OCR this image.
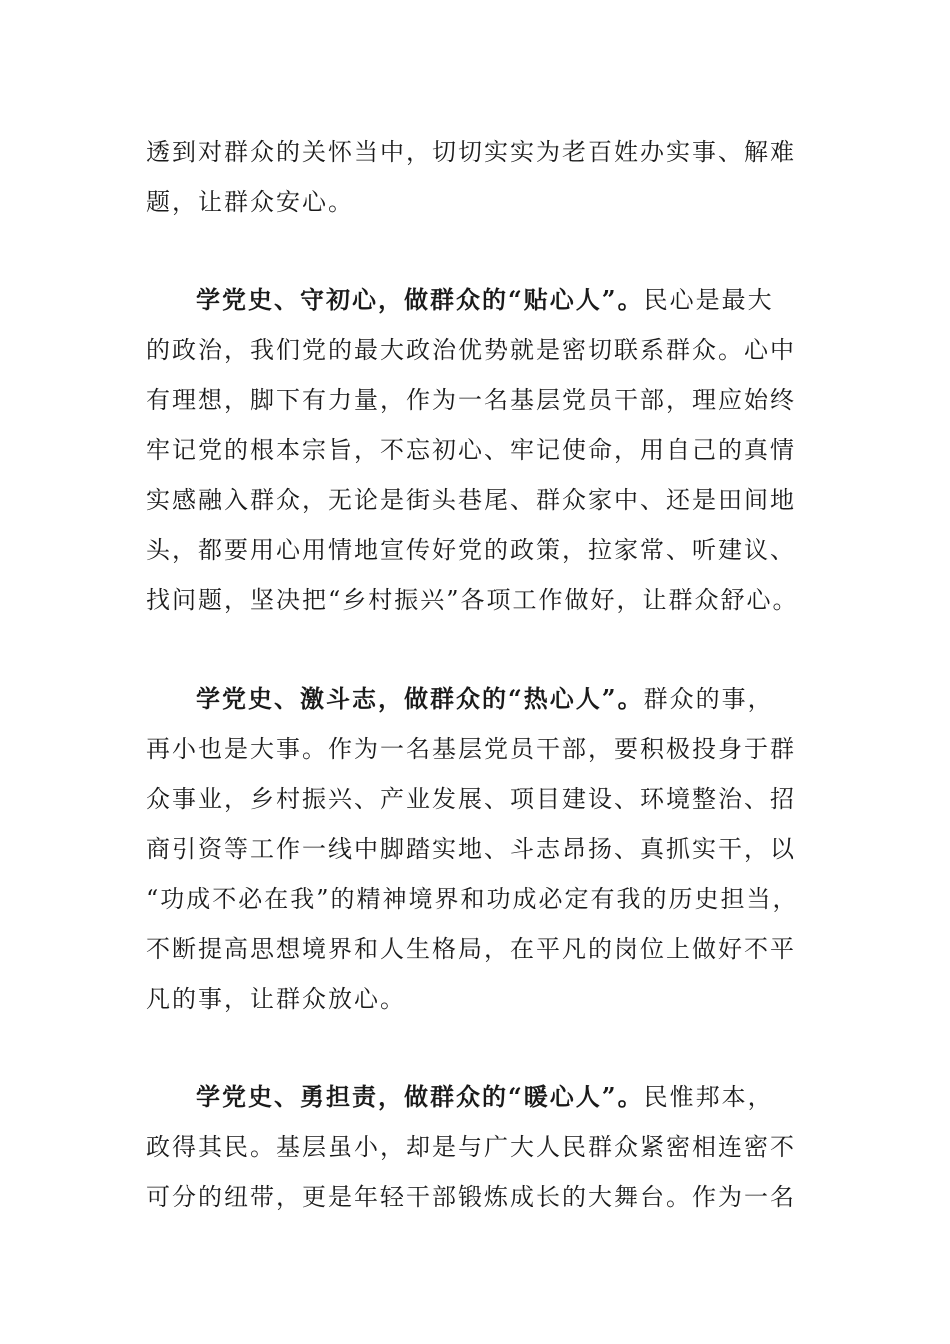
透到对群众的关怀当中，切切实实为老百姓办实事、解难
题，让群众安心。
学党史、守初心，做群众的“贴心人”。民心是最大
的政治，我们党的最大政治优势就是密切联系群众。心中
有理想，脚下有力量，作为一名基层党员干部，理应始终
牢记党的根本宗旨，不忘初心、牢记使命，用自己的真情
实感融入群众，无论是街头巷尾、群众家中、还是田间地
头，都要用心用情地宣传好党的政策，拉家常、听建议、
找问题，坚决把“乡村振兴”各项工作做好，让群众舒心。
学党史、激斗志，做群众的“热心人”。群众的事，
再小也是大事。作为一名基层党员干部，要积极投身于群
众事业，乡村振兴、产业发展、项目建设、环境整治、招
商引资等工作一线中脚踏实地、斗志昂扬、真抓实干，以
“功成不必在我”的精神境界和功成必定有我的历史担当，
不断提高思想境界和人生格局，在平凡的岗位上做好不平
凡的事，让群众放心。
学党史、勇担责，做群众的“暖心人”。民惟邦本，
政得其民。基层虽小，却是与广大人民群众紧密相连密不
可分的纽带，更是年轻干部锻炼成长的大舞台。作为一名
